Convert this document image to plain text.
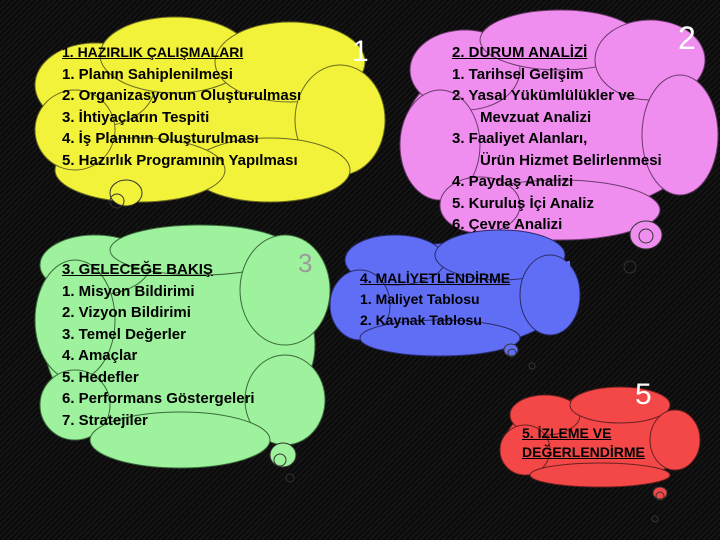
1
1. HAZIRLIK ÇALIŞMALARI
1. Planın Sahiplenilmesi
2. Organizasyonun Oluşturulması
3. İhtiyaçların Tespiti
4. İş Planının Oluşturulması
5. Hazırlık Programının Yapılması
2
2. DURUM ANALİZİ
1. Tarihsel Gelişim
2. Yasal Yükümlülükler ve
Mevzuat Analizi
3. Faaliyet Alanları,
Ürün Hizmet Belirlenmesi
4. Paydaş Analizi
5. Kuruluş İçi Analiz
6. Çevre Analizi
3
3. GELECEĞE BAKIŞ
1. Misyon Bildirimi
2. Vizyon Bildirimi
3. Temel Değerler
4. Amaçlar
5. Hedefler
6. Performans Göstergeleri
7. Stratejiler
4
4. MALİYETLENDİRME
1. Maliyet Tablosu
2. Kaynak Tablosu
5
5. İZLEME VE
DEĞERLENDİRME
